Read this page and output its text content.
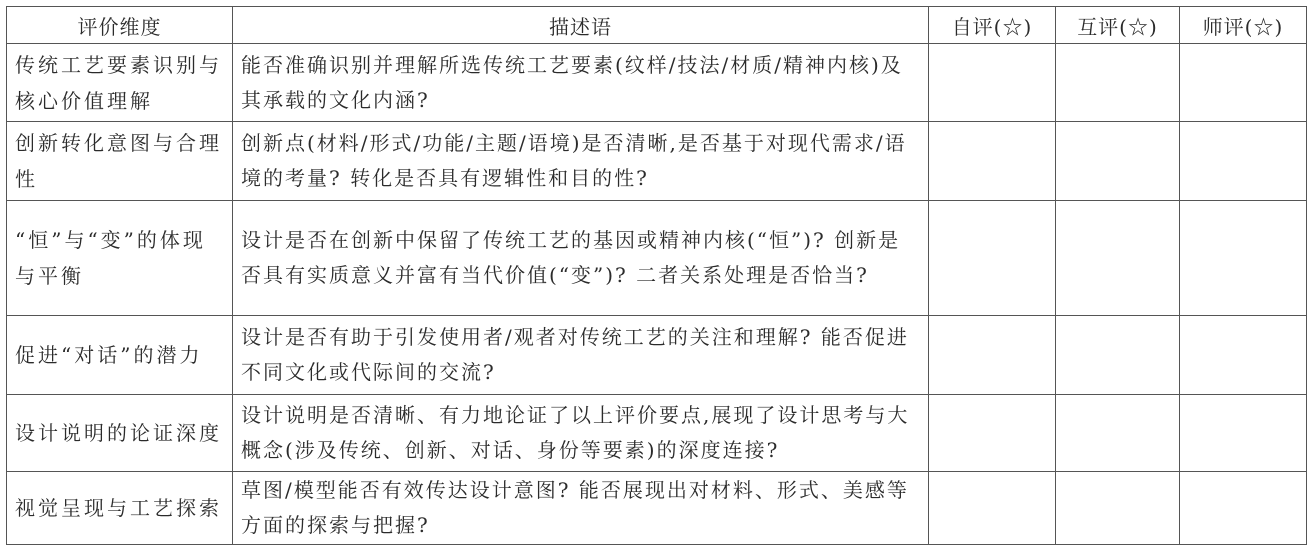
评价维度	描述语	自评(☆)	互评(☆)	师评(☆)
传统工艺要素识别与核心价值理解	能否准确识别并理解所选传统工艺要素(纹样/技法/材质/精神内核)及其承载的文化内涵?			
创新转化意图与合理性	创新点(材料/形式/功能/主题/语境)是否清晰,是否基于对现代需求/语境的考量? 转化是否具有逻辑性和目的性?			
“恒”与“变”的体现与平衡	设计是否在创新中保留了传统工艺的基因或精神内核(“恒”)? 创新是否具有实质意义并富有当代价值(“变”)? 二者关系处理是否恰当?			
促进“对话”的潜力	设计是否有助于引发使用者/观者对传统工艺的关注和理解? 能否促进不同文化或代际间的交流?			
设计说明的论证深度	设计说明是否清晰、有力地论证了以上评价要点,展现了设计思考与大概念(涉及传统、创新、对话、身份等要素)的深度连接?			
视觉呈现与工艺探索	草图/模型能否有效传达设计意图? 能否展现出对材料、形式、美感等方面的探索与把握?			
